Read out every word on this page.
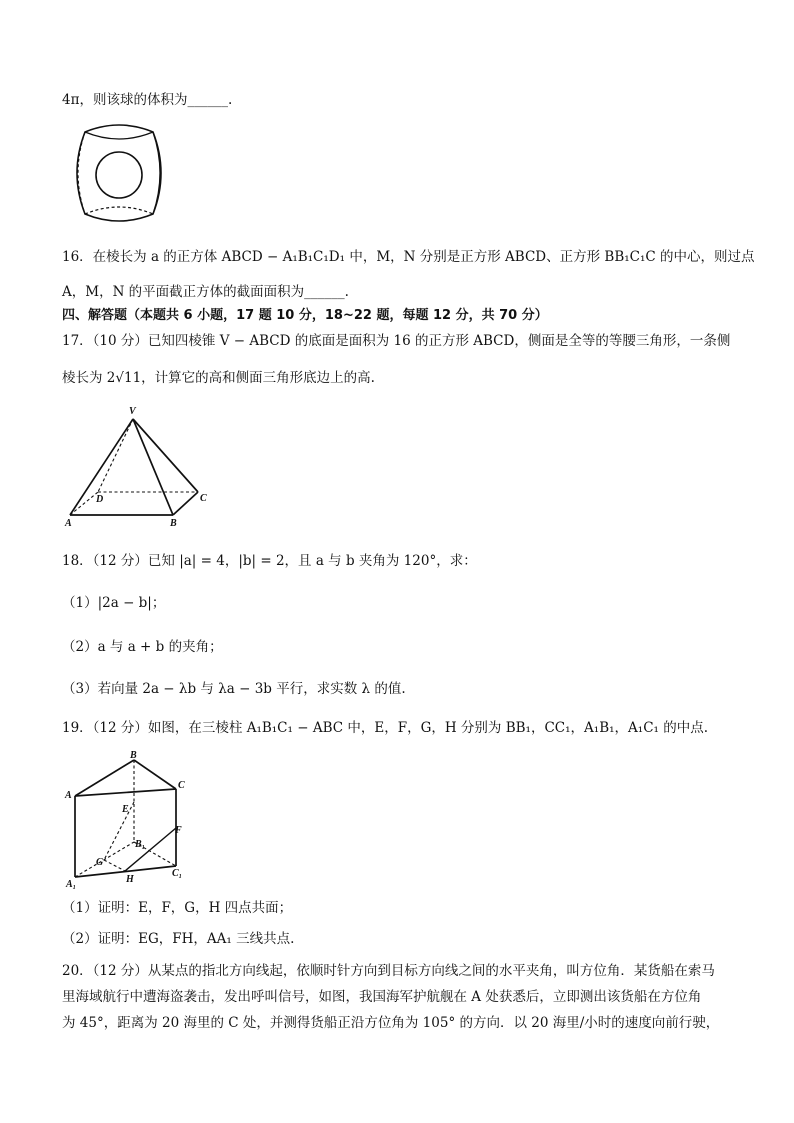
4π，则该球的体积为______.
16．在棱长为 a 的正方体 ABCD − A₁B₁C₁D₁ 中，M，N 分别是正方形 ABCD、正方形 BB₁C₁C 的中心，则过点
A，M，N 的平面截正方体的截面面积为______.
四、解答题（本题共 6 小题，17 题 10 分，18~22 题，每题 12 分，共 70 分）
17．（10 分）已知四棱锥 V − ABCD 的底面是面积为 16 的正方形 ABCD，侧面是全等的等腰三角形，一条侧
棱长为 2√11，计算它的高和侧面三角形底边上的高.
V
A	B
C
D
18．（12 分）已知 |a| = 4，|b| = 2，且 a 与 b 夹角为 120°，求：
（1）|2a − b|；
（2）a 与 a + b 的夹角；
（3）若向量 2a − λb 与 λa − 3b 平行，求实数 λ 的值.
19．（12 分）如图，在三棱柱 A₁B₁C₁ − ABC 中，E，F，G，H 分别为 BB₁，CC₁，A₁B₁，A₁C₁ 的中点.
B
A
C
E
F
G
B₁
H
C₁
A₁
（1）证明：E，F，G，H 四点共面；
（2）证明：EG，FH，AA₁ 三线共点.
20．（12 分）从某点的指北方向线起，依顺时针方向到目标方向线之间的水平夹角，叫方位角．某货船在索马
里海域航行中遭海盗袭击，发出呼叫信号，如图，我国海军护航舰在 A 处获悉后，立即测出该货船在方位角
为 45°，距离为 20 海里的 C 处，并测得货船正沿方位角为 105° 的方向．以 20 海里/小时的速度向前行驶，
